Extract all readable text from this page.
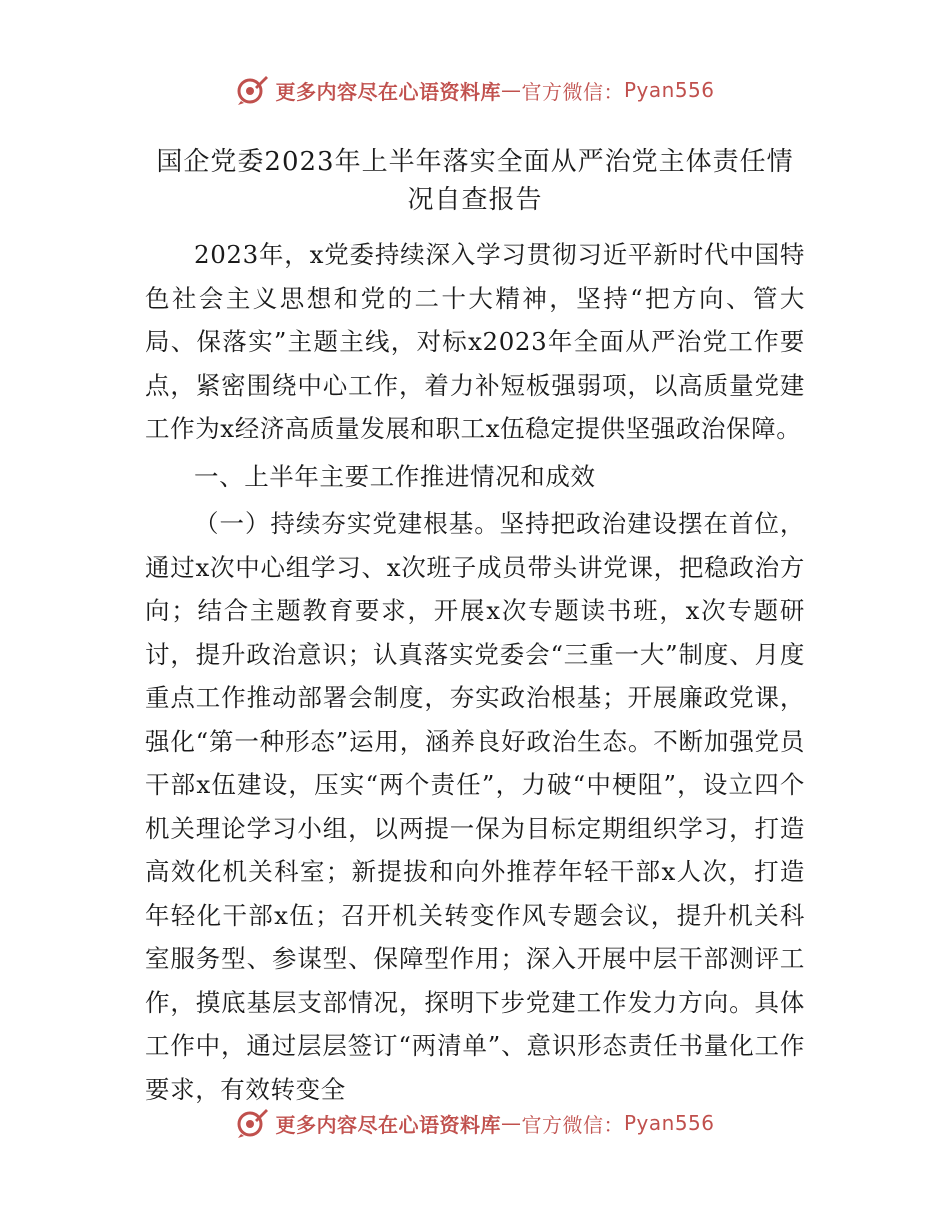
更多内容尽在心语资料库 — 官方微信： Pyan556
国企党委2023年上半年落实全面从严治党主体责任情况自查报告

2023年，x党委持续深入学习贯彻习近平新时代中国特色社会主义思想和党的二十大精神，坚持“把方向、管大局、保落实”主题主线，对标x2023年全面从严治党工作要点，紧密围绕中心工作，着力补短板强弱项，以高质量党建工作为x经济高质量发展和职工x伍稳定提供坚强政治保障。

一、上半年主要工作推进情况和成效

（一）持续夯实党建根基。坚持把政治建设摆在首位，通过x次中心组学习、x次班子成员带头讲党课，把稳政治方向；结合主题教育要求，开展x次专题读书班，x次专题研讨，提升政治意识；认真落实党委会“三重一大”制度、月度重点工作推动部署会制度，夯实政治根基；开展廉政党课，强化“第一种形态”运用，涵养良好政治生态。不断加强党员干部x伍建设，压实“两个责任”，力破“中梗阻”，设立四个机关理论学习小组，以两提一保为目标定期组织学习，打造高效化机关科室；新提拔和向外推荐年轻干部x人次，打造年轻化干部x伍；召开机关转变作风专题会议，提升机关科室服务型、参谋型、保障型作用；深入开展中层干部测评工作，摸底基层支部情况，探明下步党建工作发力方向。具体工作中，通过层层签订“两清单”、意识形态责任书量化工作要求，有效转变全

更多内容尽在心语资料库 — 官方微信： Pyan556
